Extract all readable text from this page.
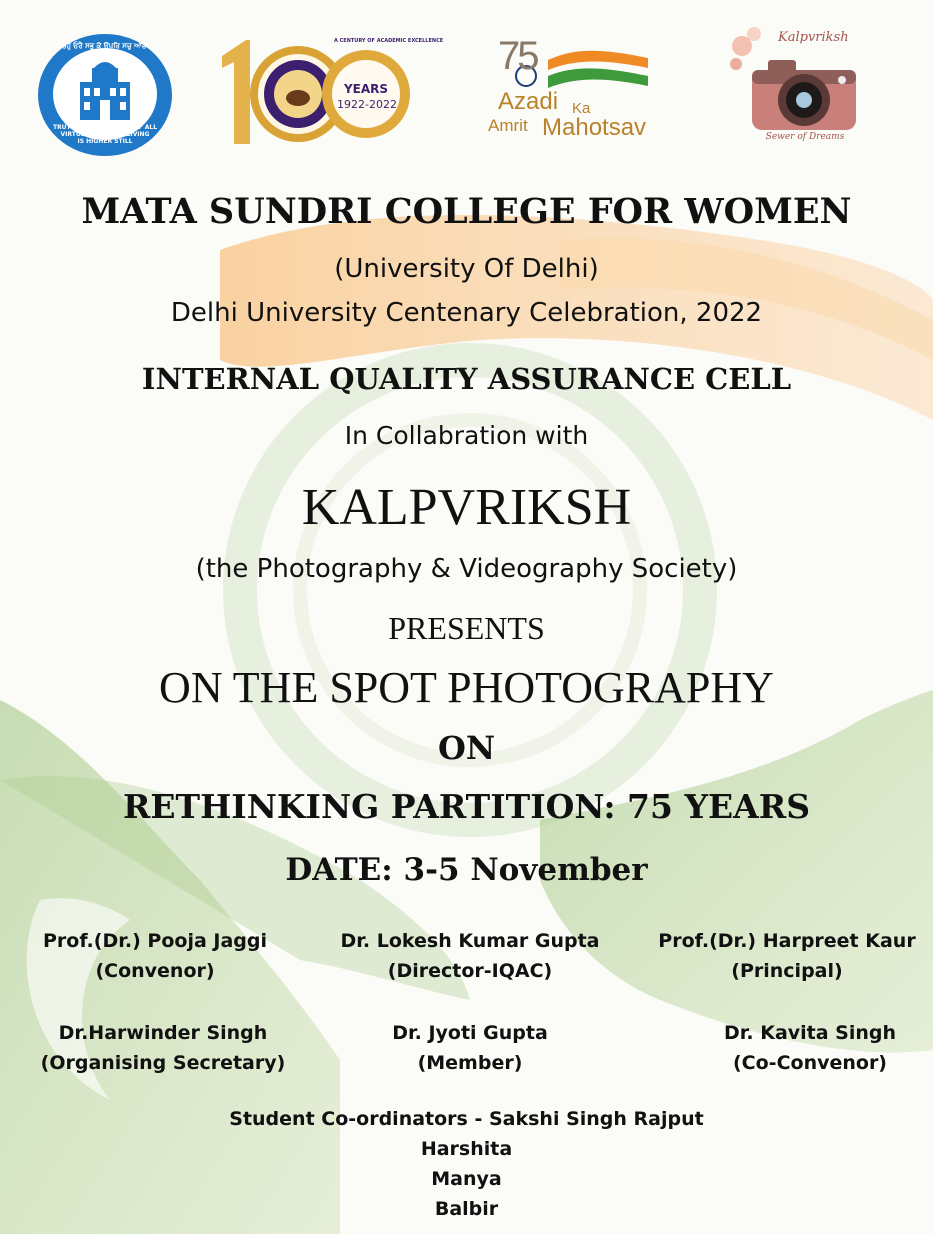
ਸਚਹੁ ਓਰੈ ਸਭੁ ਕੋ ਉਪਰਿ ਸਚੁ ਆਚਾਰੁ
TRUTH IS THE HIGHEST OF ALL
VIRTUES BUT TRUE LIVING
IS HIGHER STILL
A CENTURY OF ACADEMIC EXCELLENCE
YEARS
1922-2022
75
Azadi Ka
Amrit Mahotsav
Kalpvriksh
Sewer of Dreams
MATA SUNDRI COLLEGE FOR WOMEN
(University Of Delhi)
Delhi University Centenary Celebration, 2022
INTERNAL QUALITY ASSURANCE CELL
In Collabration with
KALPVRIKSH
(the Photography & Videography Society)
PRESENTS
ON THE SPOT PHOTOGRAPHY
ON
RETHINKING PARTITION: 75 YEARS
DATE: 3-5 November
Prof.(Dr.) Pooja Jaggi
(Convenor)
Dr. Lokesh Kumar Gupta
(Director-IQAC)
Prof.(Dr.) Harpreet Kaur
(Principal)
Dr.Harwinder Singh
(Organising Secretary)
Dr. Jyoti Gupta
(Member)
Dr. Kavita Singh
(Co-Convenor)
Student Co-ordinators - Sakshi Singh Rajput
Harshita
Manya
Balbir
